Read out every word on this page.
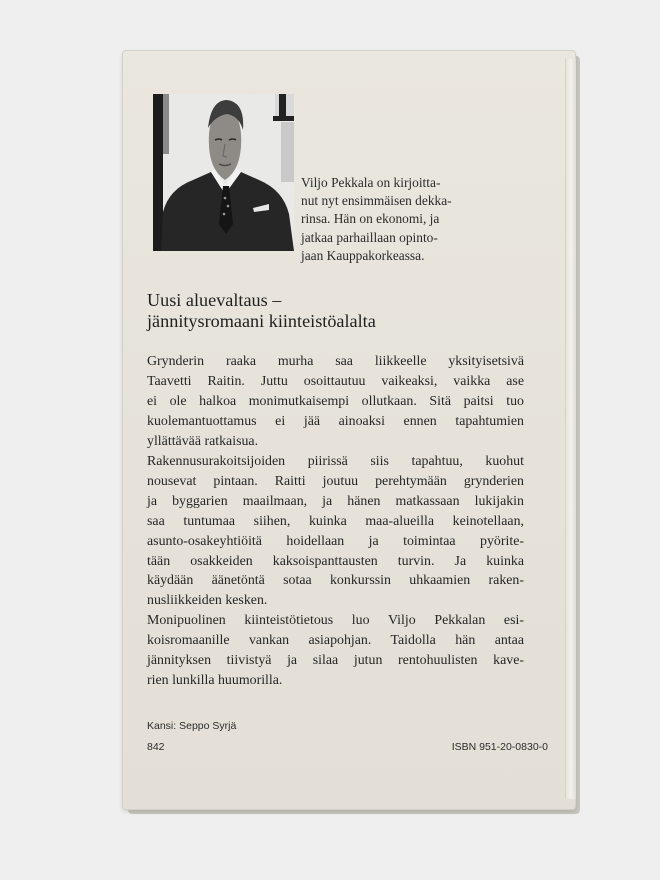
Viljo Pekkala on kirjoitta-
nut nyt ensimmäisen dekka-
rinsa. Hän on ekonomi, ja
jatkaa parhaillaan opinto-
jaan Kauppakorkeassa.
Uusi aluevaltaus –
jännitysromaani kiinteistöalalta
Grynderin raaka murha saa liikkeelle yksityisetsivä
Taavetti Raitin. Juttu osoittautuu vaikeaksi, vaikka ase
ei ole halkoa monimutkaisempi ollutkaan. Sitä paitsi tuo
kuolemantuottamus ei jää ainoaksi ennen tapahtumien
yllättävää ratkaisua.
Rakennusurakoitsijoiden piirissä siis tapahtuu, kuohut
nousevat pintaan. Raitti joutuu perehtymään grynderien
ja byggarien maailmaan, ja hänen matkassaan lukijakin
saa tuntumaa siihen, kuinka maa-alueilla keinotellaan,
asunto-osakeyhtiöitä hoidellaan ja toimintaa pyörite-
tään osakkeiden kaksoispanttausten turvin. Ja kuinka
käydään äänetöntä sotaa konkurssin uhkaamien raken-
nusliikkeiden kesken.
Monipuolinen kiinteistötietous luo Viljo Pekkalan esi-
koisromaanille vankan asiapohjan. Taidolla hän antaa
jännityksen tiivistyä ja silaa jutun rentohuulisten kave-
rien lunkilla huumorilla.
Kansi: Seppo Syrjä
842	ISBN 951-20-0830-0
